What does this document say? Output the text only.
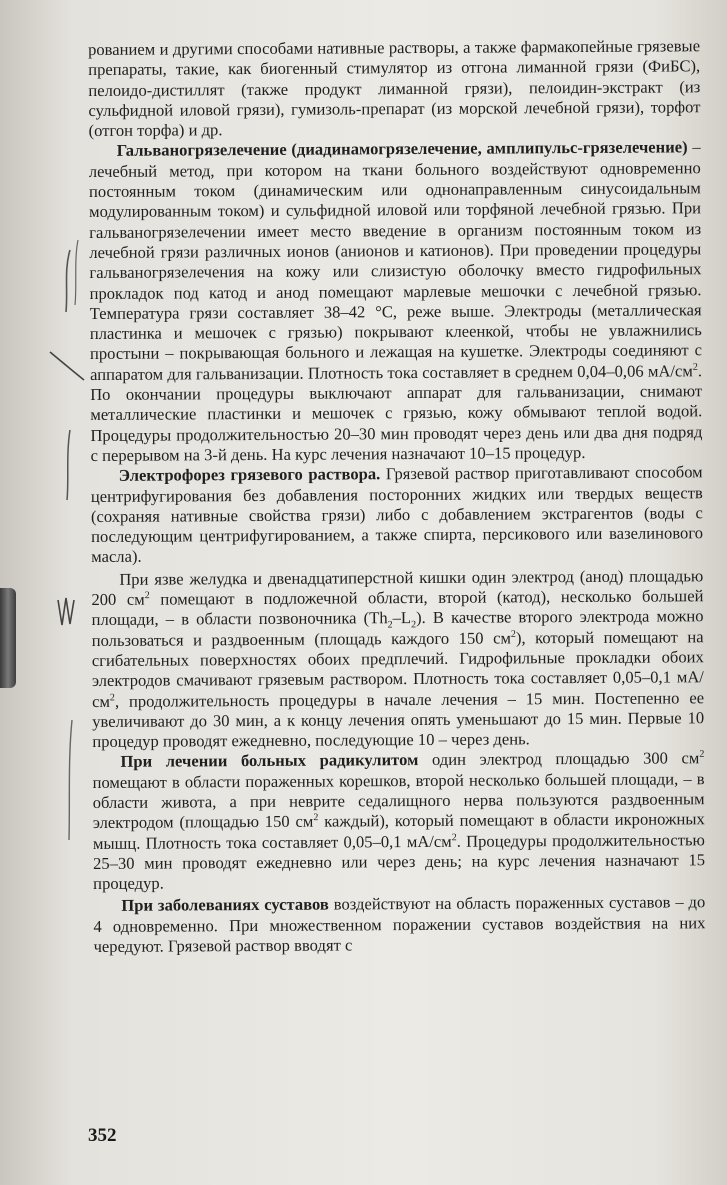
рованием и другими способами нативные растворы, а также фармакопейные грязевые препараты, такие, как биогенный стимулятор из отгона лиманной грязи (ФиБС), пелоидо-дистиллят (также продукт лиманной грязи), пелоидин-экстракт (из сульфидной иловой грязи), гумизоль-препарат (из морской лечебной грязи), торфот (отгон торфа) и др.

Гальваногрязелечение (диадинамогрязелечение, амплипульс-грязелечение) – лечебный метод, при котором на ткани больного воздействуют одновременно постоянным током (динамическим или однонаправленным синусоидальным модулированным током) и сульфидной иловой или торфяной лечебной грязью. При гальваногрязелечении имеет место введение в организм постоянным током из лечебной грязи различных ионов (анионов и катионов). При проведении процедуры гальваногрязелечения на кожу или слизистую оболочку вместо гидрофильных прокладок под катод и анод помещают марлевые мешочки с лечебной грязью. Температура грязи составляет 38–42 °С, реже выше. Электроды (металлическая пластинка и мешочек с грязью) покрывают клеенкой, чтобы не увлажнились простыни – покрывающая больного и лежащая на кушетке. Электроды соединяют с аппаратом для гальванизации. Плотность тока составляет в среднем 0,04–0,06 $мА/см^2$. По окончании процедуры выключают аппарат для гальванизации, снимают металлические пластинки и мешочек с грязью, кожу обмывают теплой водой. Процедуры продолжительностью 20–30 мин проводят через день или два дня подряд с перерывом на 3-й день. На курс лечения назначают 10–15 процедур.

Электрофорез грязевого раствора. Грязевой раствор приготавливают способом центрифугирования без добавления посторонних жидких или твердых веществ (сохраняя нативные свойства грязи) либо с добавлением экстрагентов (воды с последующим центрифугированием, а также спирта, персикового или вазелинового масла).

При язве желудка и двенадцатиперстной кишки один электрод (анод) площадью 200 $см^2$ помещают в подложечной области, второй (катод), несколько большей площади, – в области позвоночника $(Th_2-L_2)$. В качестве второго электрода можно пользоваться и раздвоенным (площадь каждого 150 $см^2$), который помещают на сгибательных поверхностях обоих предплечий. Гидрофильные прокладки обоих электродов смачивают грязевым раствором. Плотность тока составляет 0,05–0,1 $мА/см^2$, продолжительность процедуры в начале лечения – 15 мин. Постепенно ее увеличивают до 30 мин, а к концу лечения опять уменьшают до 15 мин. Первые 10 процедур проводят ежедневно, последующие 10 – через день.

При лечении больных радикулитом один электрод площадью 300 $см^2$ помещают в области пораженных корешков, второй несколько большей площади, – в области живота, а при неврите седалищного нерва пользуются раздвоенным электродом (площадью 150 $см^2$ каждый), который помещают в области икроножных мышц. Плотность тока составляет 0,05–0,1 $мА/см^2$. Процедуры продолжительностью 25–30 мин проводят ежедневно или через день; на курс лечения назначают 15 процедур.

При заболеваниях суставов воздействуют на область пораженных суставов – до 4 одновременно. При множественном поражении суставов воздействия на них чередуют. Грязевой раствор вводят с

352
